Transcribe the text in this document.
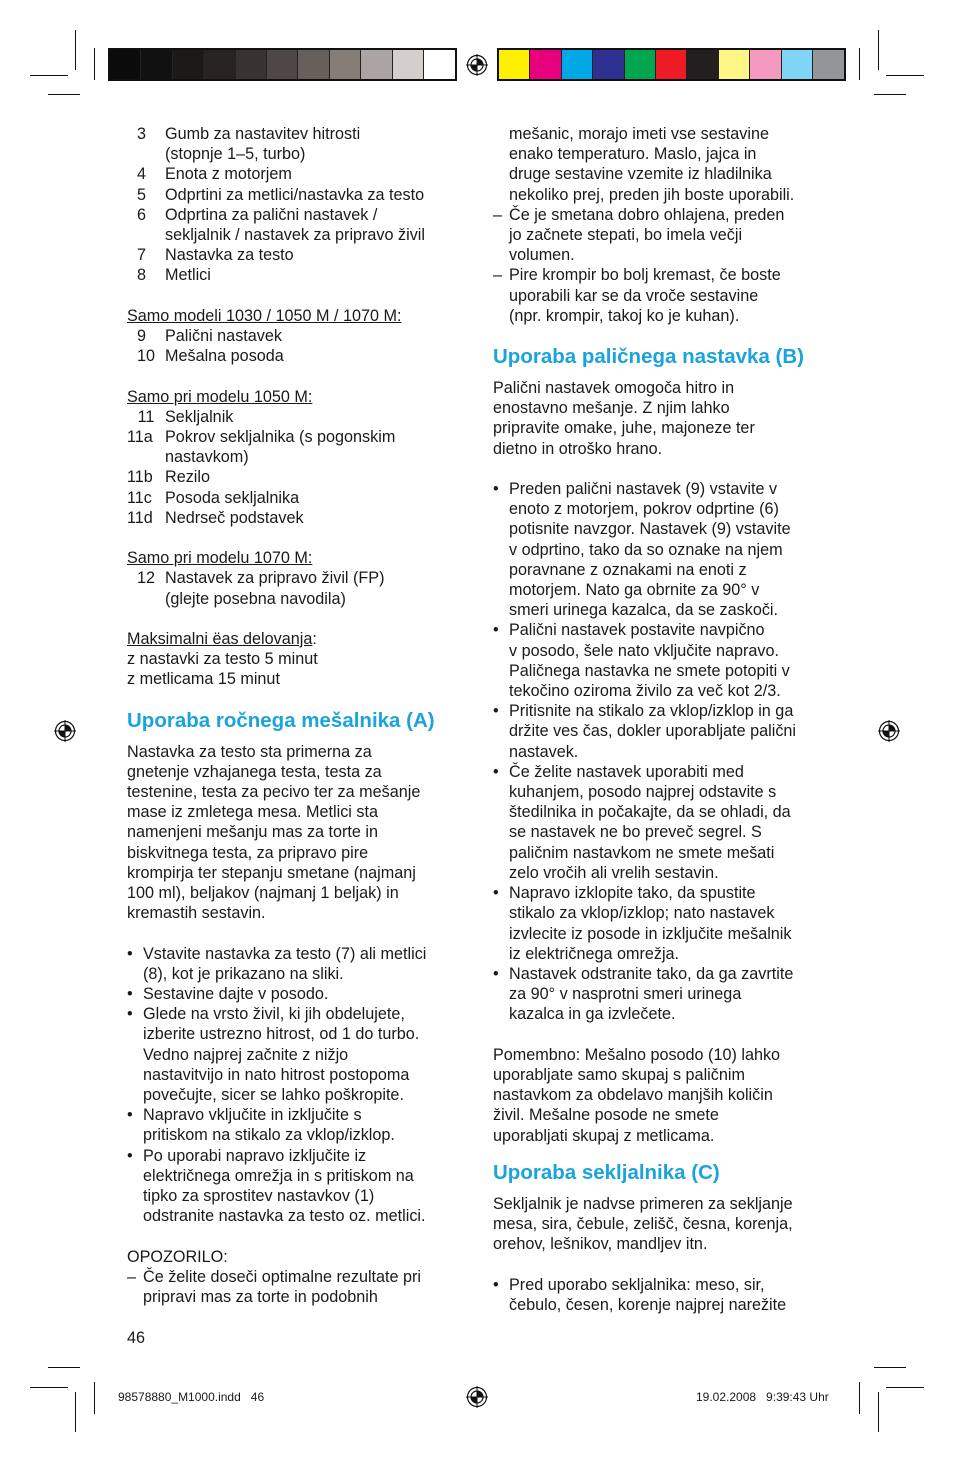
3	Gumb za nastavitev hitrosti
(stopnje 1–5, turbo)
4	Enota z motorjem
5	Odprtini za metlici/nastavka za testo
6	Odprtina za palični nastavek /
sekljalnik / nastavek za pripravo živil
7	Nastavka za testo
8	Metlici
Samo modeli 1030 / 1050 M / 1070 M:
9	Palični nastavek
10 Mešalna posoda
Samo pri modelu 1050 M:
11 Sekljalnik
11a Pokrov sekljalnika (s pogonskim
nastavkom)
11b Rezilo
11c Posoda sekljalnika
11d Nedrseč podstavek
Samo pri modelu 1070 M:
12 Nastavek za pripravo živil (FP)
(glejte posebna navodila)
Maksimalni ëas delovanja:
z nastavki za testo 5 minut
z metlicama 15 minut
Uporaba ročnega mešalnika (A)

Nastavka za testo sta primerna za
gnetenje vzhajanega testa, testa za
testenine, testa za pecivo ter za mešanje
mase iz zmletega mesa. Metlici sta
namenjeni mešanju mas za torte in
biskvitnega testa, za pripravo pire
krompirja ter stepanju smetane (najmanj
100 ml), beljakov (najmanj 1 beljak) in
kremastih sestavin.

• Vstavite nastavka za testo (7) ali metlici
(8), kot je prikazano na sliki.
• Sestavine dajte v posodo.
• Glede na vrsto živil, ki jih obdelujete,
izberite ustrezno hitrost, od 1 do turbo.
Vedno najprej začnite z nižjo
nastavitvijo in nato hitrost postopoma
povečujte, sicer se lahko poškropite.
• Napravo vključite in izključite s
pritiskom na stikalo za vklop/izklop.
• Po uporabi napravo izključite iz
električnega omrežja in s pritiskom na
tipko za sprostitev nastavkov (1)
odstranite nastavka za testo oz. metlici.
OPOZORILO:
– Če želite doseči optimalne rezultate pri
pripravi mas za torte in podobnih

mešanic, morajo imeti vse sestavine
enako temperaturo. Maslo, jajca in
druge sestavine vzemite iz hladilnika
nekoliko prej, preden jih boste uporabili.

– Če je smetana dobro ohlajena, preden
jo začnete stepati, bo imela večji
volumen.
– Pire krompir bo bolj kremast, če boste
uporabili kar se da vroče sestavine
(npr. krompir, takoj ko je kuhan).
Uporaba paličnega nastavka (B)

Palični nastavek omogoča hitro in
enostavno mešanje. Z njim lahko
pripravite omake, juhe, majoneze ter
dietno in otroško hrano.

• Preden palični nastavek (9) vstavite v
enoto z motorjem, pokrov odprtine (6)
potisnite navzgor. Nastavek (9) vstavite
v odprtino, tako da so oznake na njem
poravnane z oznakami na enoti z
motorjem. Nato ga obrnite za 90° v
smeri urinega kazalca, da se zaskoči.
• Palični nastavek postavite navpično
v posodo, šele nato vključite napravo.
Paličnega nastavka ne smete potopiti v
tekočino oziroma živilo za več kot 2/3.
• Pritisnite na stikalo za vklop/izklop in ga
držite ves čas, dokler uporabljate palični
nastavek.
• Če želite nastavek uporabiti med
kuhanjem, posodo najprej odstavite s
štedilnika in počakajte, da se ohladi, da
se nastavek ne bo preveč segrel. S
paličnim nastavkom ne smete mešati
zelo vročih ali vrelih sestavin.
• Napravo izklopite tako, da spustite
stikalo za vklop/izklop; nato nastavek
izvlecite iz posode in izključite mešalnik
iz električnega omrežja.
• Nastavek odstranite tako, da ga zavrtite
za 90° v nasprotni smeri urinega
kazalca in ga izvlečete.

Pomembno: Mešalno posodo (10) lahko
uporabljate samo skupaj s paličnim
nastavkom za obdelavo manjših količin
živil. Mešalne posode ne smete
uporabljati skupaj z metlicama.

Uporaba sekljalnika (C)

Sekljalnik je nadvse primeren za sekljanje
mesa, sira, čebule, zelišč, česna, korenja,
orehov, lešnikov, mandljev itn.

• Pred uporabo sekljalnika: meso, sir,
čebulo, česen, korenje najprej narežite
46
98578880_M1000.indd   46	19.02.2008   9:39:43 Uhr
